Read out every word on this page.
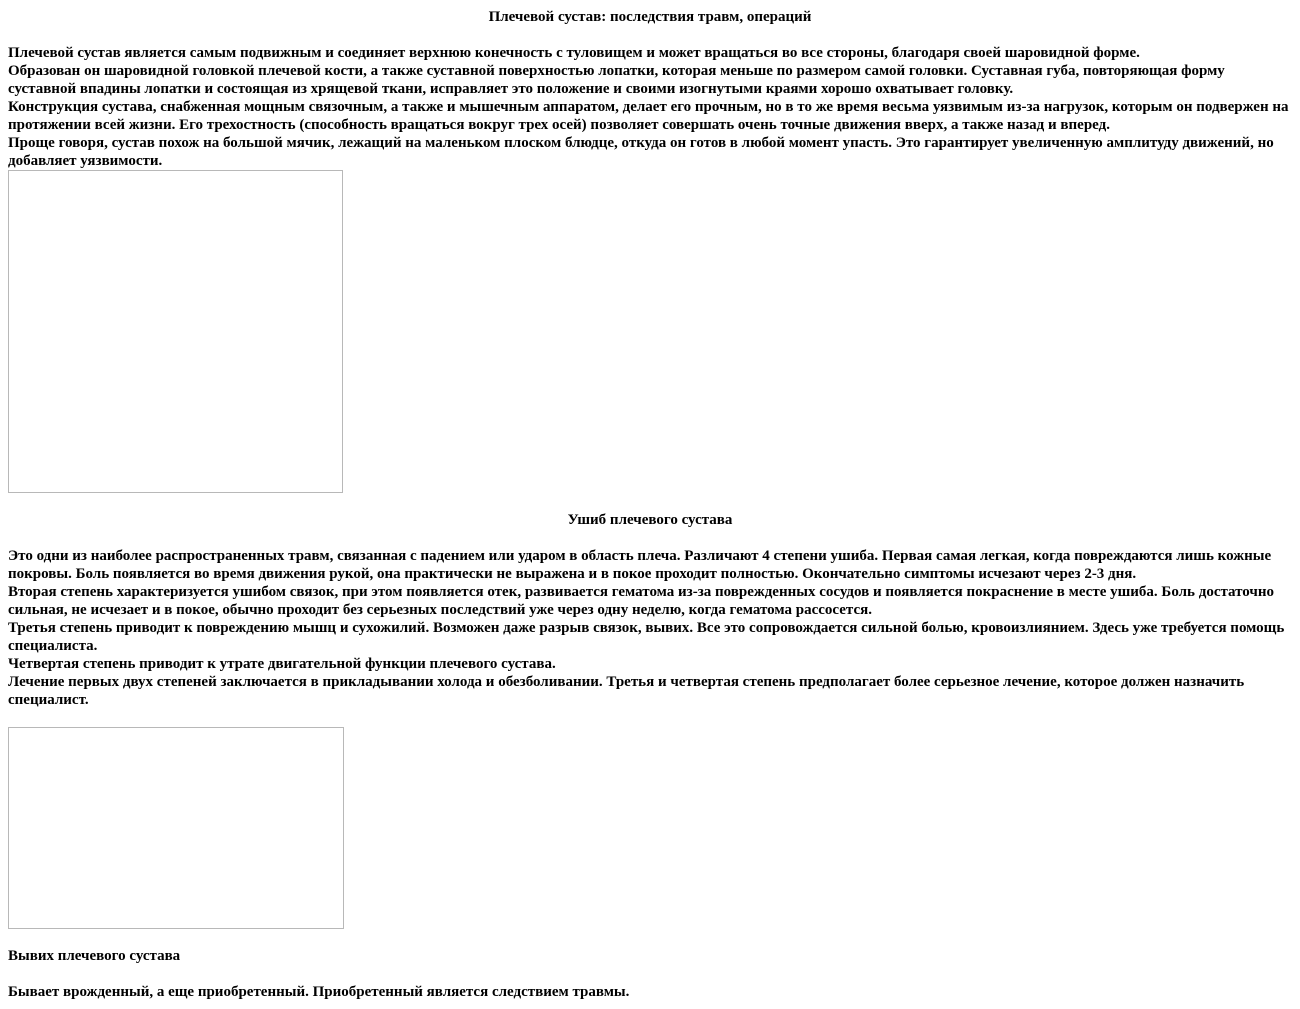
Плечевой сустав: последствия травм, операций

Плечевой сустав является самым подвижным и соединяет верхнюю конечность с туловищем и может вращаться во все стороны, благодаря своей шаровидной форме.

Образован он шаровидной головкой плечевой кости, а также суставной поверхностью лопатки, которая меньше по размером самой головки. Суставная губа, повторяющая форму суставной впадины лопатки и состоящая из хрящевой ткани, исправляет это положение и своими изогнутыми краями хорошо охватывает головку.

Конструкция сустава, снабженная мощным связочным, а также и мышечным аппаратом, делает его прочным, но в то же время весьма уязвимым из-за нагрузок, которым он подвержен на протяжении всей жизни. Его трехостность (способность вращаться вокруг трех осей) позволяет совершать очень точные движения вверх, а также назад и вперед.

Проще говоря, сустав похож на большой мячик, лежащий на маленьком плоском блюдце, откуда он готов в любой момент упасть. Это гарантирует увеличенную амплитуду движений, но добавляет уязвимости.

Ушиб плечевого сустава

Это одни из наиболее распространенных травм, связанная с падением или ударом в область плеча. Различают 4 степени ушиба. Первая самая легкая, когда повреждаются лишь кожные покровы. Боль появляется во время движения рукой, она практически не выражена и в покое проходит полностью. Окончательно симптомы исчезают через 2-3 дня.

Вторая степень характеризуется ушибом связок, при этом появляется отек, развивается гематома из-за поврежденных сосудов и появляется покраснение в месте ушиба. Боль достаточно сильная, не исчезает и в покое, обычно проходит без серьезных последствий уже через одну неделю, когда гематома рассосется.

Третья степень приводит к повреждению мышц и сухожилий. Возможен даже разрыв связок, вывих. Все это сопровождается сильной болью, кровоизлиянием. Здесь уже требуется помощь специалиста.

Четвертая степень приводит к утрате двигательной функции плечевого сустава.

Лечение первых двух степеней заключается в прикладывании холода и обезболивании. Третья и четвертая степень предполагает более серьезное лечение, которое должен назначить специалист.

Вывих плечевого сустава

Бывает врожденный, а еще приобретенный. Приобретенный является следствием травмы.
